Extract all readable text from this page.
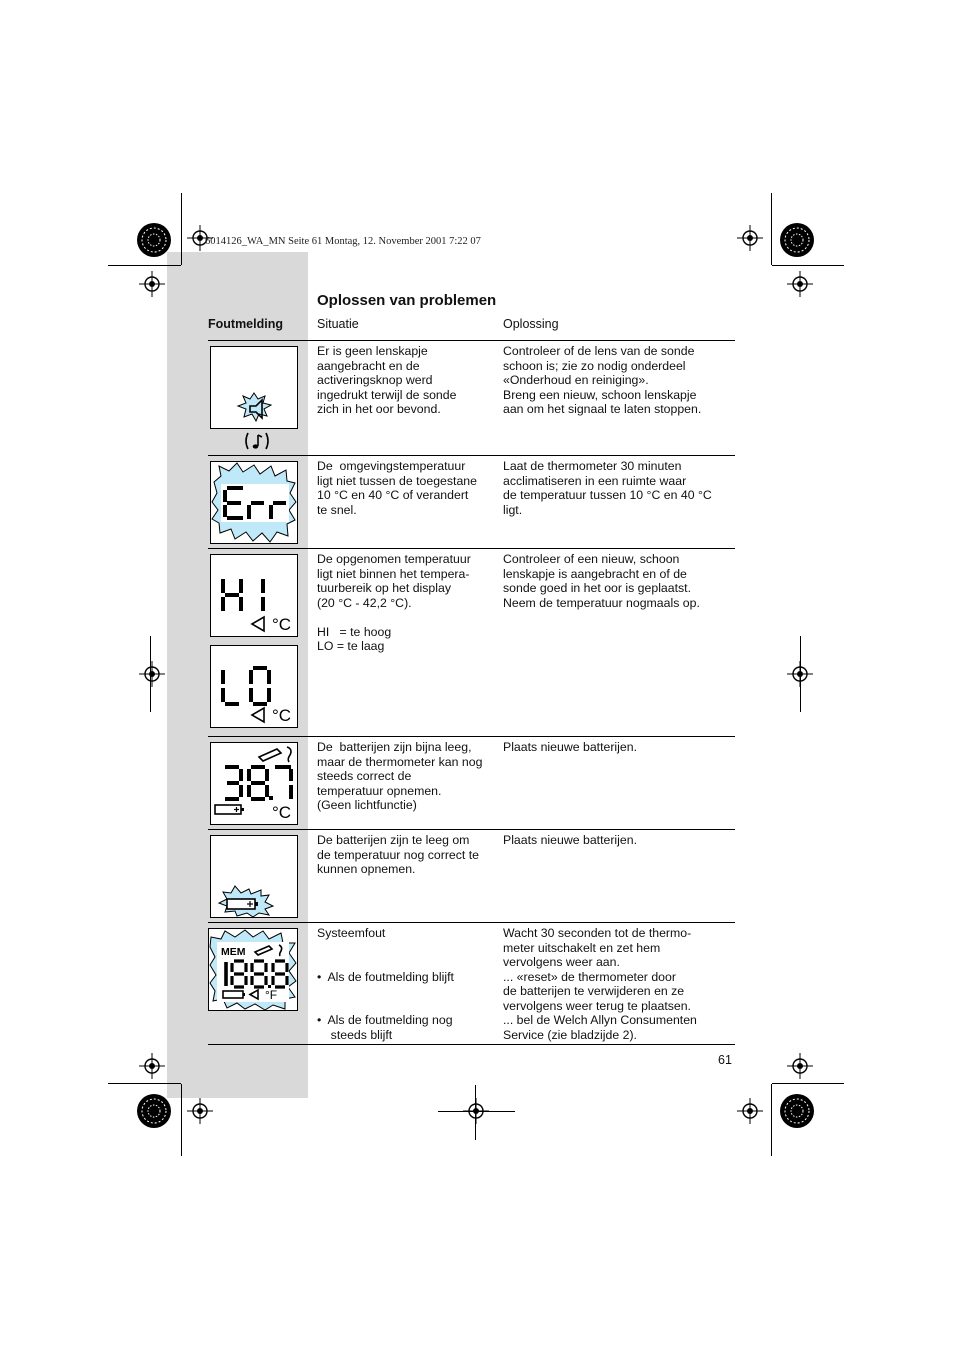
6014126_WA_MN Seite 61 Montag, 12. November 2001 7:22 07
Oplossen van problemen
Foutmelding	Situatie	Oplossing
Er is geen lenskapje
aangebracht en de
activeringsknop werd
ingedrukt terwijl de sonde
zich in het oor bevond.
Controleer of de lens van de sonde
schoon is; zie zo nodig onderdeel
«Onderhoud en reiniging».
Breng een nieuw, schoon lenskapje
aan om het signaal te laten stoppen.
De  omgevingstemperatuur
ligt niet tussen de toegestane
10 °C en 40 °C of verandert
te snel.
Laat de thermometer 30 minuten
acclimatiseren in een ruimte waar
de temperatuur tussen 10 °C en 40 °C
ligt.
°C
°C
De opgenomen temperatuur
ligt niet binnen het tempera-
tuurbereik op het display
(20 °C - 42,2 °C).

HI   = te hoog
LO = te laag
Controleer of een nieuw, schoon
lenskapje is aangebracht en of de
sonde goed in het oor is geplaatst.
Neem de temperatuur nogmaals op.
°C
De  batterijen zijn bijna leeg,
maar de thermometer kan nog
steeds correct de
temperatuur opnemen.
(Geen lichtfunctie)
Plaats nieuwe batterijen.
De batterijen zijn te leeg om
de temperatuur nog correct te
kunnen opnemen.
Plaats nieuwe batterijen.
MEM
°F
Systeemfout

•  Als de foutmelding blijft

•  Als de foutmelding nog
steeds blijft
Wacht 30 seconden tot de thermo-
meter uitschakelt en zet hem
vervolgens weer aan.
... «reset» de thermometer door
de batterijen te verwijderen en ze
vervolgens weer terug te plaatsen.
... bel de Welch Allyn Consumenten
Service (zie bladzijde 2).
61
